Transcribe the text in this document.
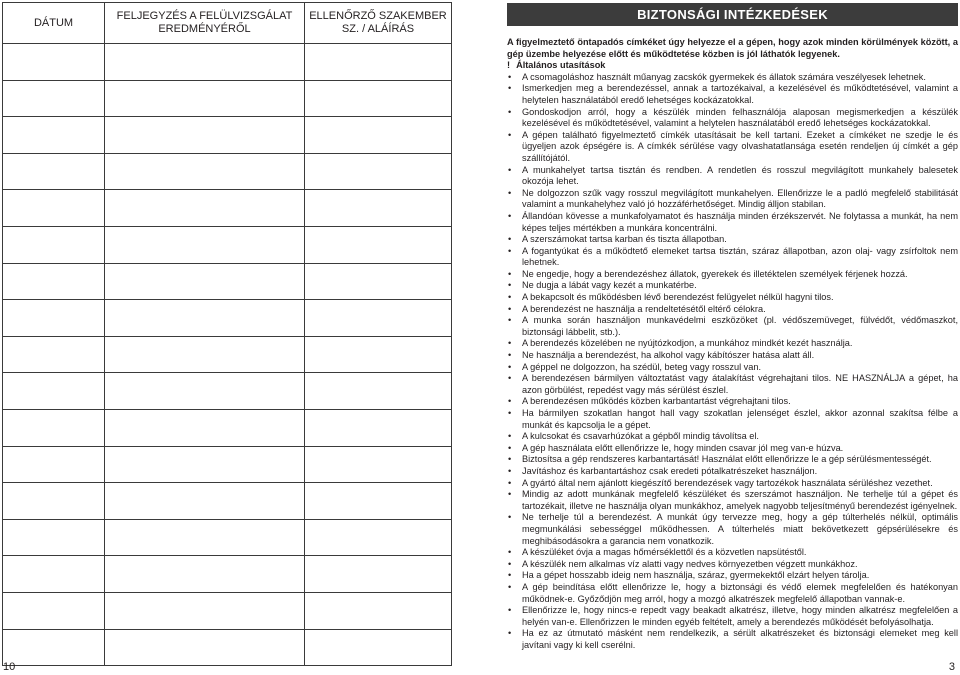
DÁTUM	FELJEGYZÉS A FELÜLVIZSGÁLAT EREDMÉNYÉRŐL	ELLENŐRZŐ SZAKEMBER SZ. / ALÁÍRÁS

10
BIZTONSÁGI INTÉZKEDÉSEK

A figyelmeztető öntapadós címkéket úgy helyezze el a gépen, hogy azok minden körülmények között, a gép üzembe helyezése előtt és működtetése közben is jól láthatók legyenek.

! Általános utasítások

• A csomagoláshoz használt műanyag zacskók gyermekek és állatok számára veszélyesek lehetnek.
• Ismerkedjen meg a berendezéssel, annak a tartozékaival, a kezelésével és működtetésével, valamint a helytelen használatából eredő lehetséges kockázatokkal.
• Gondoskodjon arról, hogy a készülék minden felhasználója alaposan megismerkedjen a készülék kezelésével és működtetésével, valamint a helytelen használatából eredő lehetséges kockázatokkal.
• A gépen található figyelmeztető címkék utasításait be kell tartani. Ezeket a címkéket ne szedje le és ügyeljen azok épségére is. A címkék sérülése vagy olvashatatlansága esetén rendeljen új címkét a gép szállítójától.
• A munkahelyet tartsa tisztán és rendben. A rendetlen és rosszul megvilágított munkahely balesetek okozója lehet.
• Ne dolgozzon szűk vagy rosszul megvilágított munkahelyen. Ellenőrizze le a padló megfelelő stabilitását valamint a munkahelyhez való jó hozzáférhetőséget. Mindig álljon stabilan.
• Állandóan kövesse a munkafolyamatot és használja minden érzékszervét. Ne folytassa a munkát, ha nem képes teljes mértékben a munkára koncentrálni.
• A szerszámokat tartsa karban és tiszta állapotban.
• A fogantyúkat és a működtető elemeket tartsa tisztán, száraz állapotban, azon olaj- vagy zsírfoltok nem lehetnek.
• Ne engedje, hogy a berendezéshez állatok, gyerekek és illetéktelen személyek férjenek hozzá.
• Ne dugja a lábát vagy kezét a munkatérbe.
• A bekapcsolt és működésben lévő berendezést felügyelet nélkül hagyni tilos.
• A berendezést ne használja a rendeltetésétől eltérő célokra.
• A munka során használjon munkavédelmi eszközöket (pl. védőszemüveget, fülvédőt, védőmaszkot, biztonsági lábbelit, stb.).
• A berendezés közelében ne nyújtózkodjon, a munkához mindkét kezét használja.
• Ne használja a berendezést, ha alkohol vagy kábítószer hatása alatt áll.
• A géppel ne dolgozzon, ha szédül, beteg vagy rosszul van.
• A berendezésen bármilyen változtatást vagy átalakítást végrehajtani tilos. NE HASZNÁLJA a gépet, ha azon görbülést, repedést vagy más sérülést észlel.
• A berendezésen működés közben karbantartást végrehajtani tilos.
• Ha bármilyen szokatlan hangot hall vagy szokatlan jelenséget észlel, akkor azonnal szakítsa félbe a munkát és kapcsolja le a gépet.
• A kulcsokat és csavarhúzókat a gépből mindig távolítsa el.
• A gép használata előtt ellenőrizze le, hogy minden csavar jól meg van-e húzva.
• Biztosítsa a gép rendszeres karbantartását! Használat előtt ellenőrizze le a gép sérülésmentességét.
• Javításhoz és karbantartáshoz csak eredeti pótalkatrészeket használjon.
• A gyártó által nem ajánlott kiegészítő berendezések vagy tartozékok használata sérüléshez vezethet.
• Mindig az adott munkának megfelelő készüléket és szerszámot használjon. Ne terhelje túl a gépet és tartozékait, illetve ne használja olyan munkákhoz, amelyek nagyobb teljesítményű berendezést igényelnek.
• Ne terhelje túl a berendezést. A munkát úgy tervezze meg, hogy a gép túlterhelés nélkül, optimális megmunkálási sebességgel működhessen. A túlterhelés miatt bekövetkezett gépsérülésekre és meghibásodásokra a garancia nem vonatkozik.
• A készüléket óvja a magas hőmérséklettől és a közvetlen napsütéstől.
• A készülék nem alkalmas víz alatti vagy nedves környezetben végzett munkákhoz.
• Ha a gépet hosszabb ideig nem használja, száraz, gyermekektől elzárt helyen tárolja.
• A gép beindítása előtt ellenőrizze le, hogy a biztonsági és védő elemek megfelelően és hatékonyan működnek-e. Győződjön meg arról, hogy a mozgó alkatrészek megfelelő állapotban vannak-e.
• Ellenőrizze le, hogy nincs-e repedt vagy beakadt alkatrész, illetve, hogy minden alkatrész megfelelően a helyén van-e. Ellenőrizzen le minden egyéb feltételt, amely a berendezés működését befolyásolhatja.
• Ha ez az útmutató másként nem rendelkezik, a sérült alkatrészeket és biztonsági elemeket meg kell javítani vagy ki kell cserélni.
3
